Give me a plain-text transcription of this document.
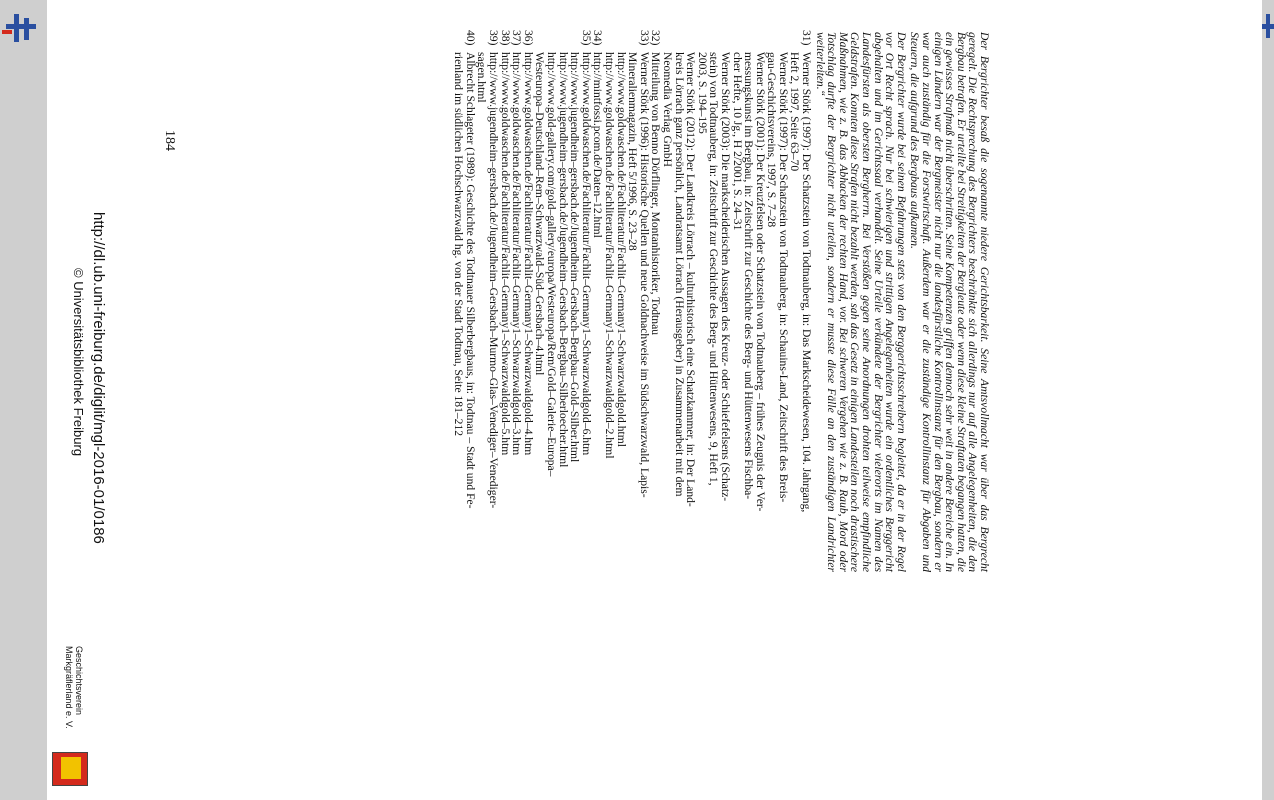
Der Bergrichter besaß die sogenannte niedere Gerichtsbarkeit. Seine Amtsvollmacht war über das Bergrecht geregelt. Die Rechtsprechung des Bergrichters beschränkte sich allerdings nur auf alle Angelegenheiten, die den Bergbau betrafen. Er urteilte bei Streitigkeiten der Bergleute oder wenn diese kleine Straftaten begangen hatten, die ein gewisses Strafmaß nicht überschritten. Seine Kompetenzen griffen dennoch sehr weit in andere Bereiche ein. In einigen Ländern war der Bergmeister nicht nur die landesfürstliche Kontrollinstanz für den Bergbau, sondern er war auch zuständig für die Forstwirtschaft. Außerdem war er die zuständige Kontrollinstanz für Abgaben und Steuern, die aufgrund des Bergbaus aufkamen.

Der Bergrichter wurde bei seinen Befahrungen stets von den Berggerichtsschreibern begleitet, da er in der Regel vor Ort Recht sprach. Nur bei schwierigen und strittigen Angelegenheiten wurde ein ordentliches Berggericht abgehalten und im Gerichtssaal verhandelt. Seine Urteile verkündete der Bergrichter vielerorts im Namen des Landesfürsten als obersten Bergherrn. Bei Verstößen gegen seine Anordnungen drohten teilweise empfindliche Geldstrafen. Konnten diese Strafen nicht bezahlt werden, sah das Gesetz in einigen Landesteilen noch drastischere Maßnahmen, wie z. B. das Abhacken der rechten Hand, vor. Bei schweren Vergehen wie z. B. Raub, Mord oder Totschlag durfte der Bergrichter nicht urteilen, sondern er musste diese Fälle an den zuständigen Landrichter weiterleiten.“

31)
Werner Störk (1997): Der Schatzstein von Todtnauberg, in: Das Markscheidewesen, 104. Jahrgang,
Heft 2, 1997, Seite 63–70
Werner Störk (1997): Der Schatzstein von Todtnauberg, in: Schauins-Land, Zeitschrift des Breis-
gau-Geschichtsvereins, 1997, S. 7–28
Werner Störk (2001): Der Kreuzfelsen oder Schatzstein von Todtnauberg – frühes Zeugnis der Ver-
messungskunst im Bergbau, in: Zeitschrift zur Geschichte des Berg- und Hüttenwesens Fischba-
cher Hefte, 10 Jg., H 2/2001, S. 24–31
Werner Störk (2003): Die markscheiderischen Aussagen des Kreuz- oder Schiefefelsens (Schatz-
stein) von Todtnauberg, in: Zeitschrift zur Geschichte des Berg- und Hüttenwesens, 9, Heft 1,
2003, S. 194–195
Werner Störk (2012): Der Landkreis Lörrach – kulturhistorisch eine Schatzkammer, in: Der Land-
kreis Lörrach ganz persönlich, Landratsamt Lörrach (Herausgeber) in Zusammenarbeit mit dem
Neomedia Verlag GmbH
32)
Mitteilung von Benno Dörflinger, Montanhistoriker, Todtnau
33)
Werner Störk (1996): Historische Quellen und neue Goldnachweise im Südschwarzwald, Lapis-
Mineralienmagazin, Heft 5/1996, S. 23–28
http://www.goldwaschen.de/Fachliteratur/Fachlit–Germany1–Schwarzwaldgold.html
http://www.goldwaschen.de/Fachliteratur/Fachlit–Germany1–Schwarzwaldgold–2.html
34)
http://mintfossi.pcom.de/Daten–12.html
35)
http://www.goldwaschen.de/Fachliteratur/Fachlit–Germany1–Schwarzwaldgold–6.htm
http://www.jugendheim–gersbach.de/Jugendheim–Gersbach–Bergbau–Gold–Silber.html
http://www.jugendheim–gersbach.de/Jugendheim–Gersbach–Bergbau–Silberloecher.html
http://www.gold-gallery.com/gold–gallery/europa/Westeuropa/Rem/Gold–Galerie–Europa–
Westeuropa–Deutschland–Rem–Schwarzwald–Süd–Gersbach–4.html
36)
http://www.goldwaschen.de/Fachliteratur/Fachlit–Germany1–Schwarzwaldgold–4.htm
37)
http://www.goldwaschen.de/Fachliteratur/Fachlit–Germany1–Schwarzwaldgold–3.htm
38)
http://www.goldwaschen.de/Fachliteratur/Fachlit–Germany1–Schwarzwaldgold–5.htm
39)
http://www.jugendheim–gersbach.de/Jugendheim–Gersbach–Murmo–Glas–Venediger–Venediger-
sagen.html
40)
Albrecht Schlageter (1989): Geschichte des Todtnauer Silberbergbaus, in: Todtnau – Stadt und Fe-
rienland im südlichen Hochschwarzwald hg. von der Stadt Todtnau, Seite 181–212
184
http://dl.ub.uni-freiburg.de/diglit/mgl-2016-01/0186
© Universitätsbibliothek Freiburg
Geschichtsverein
Markgräflerland e. V.
